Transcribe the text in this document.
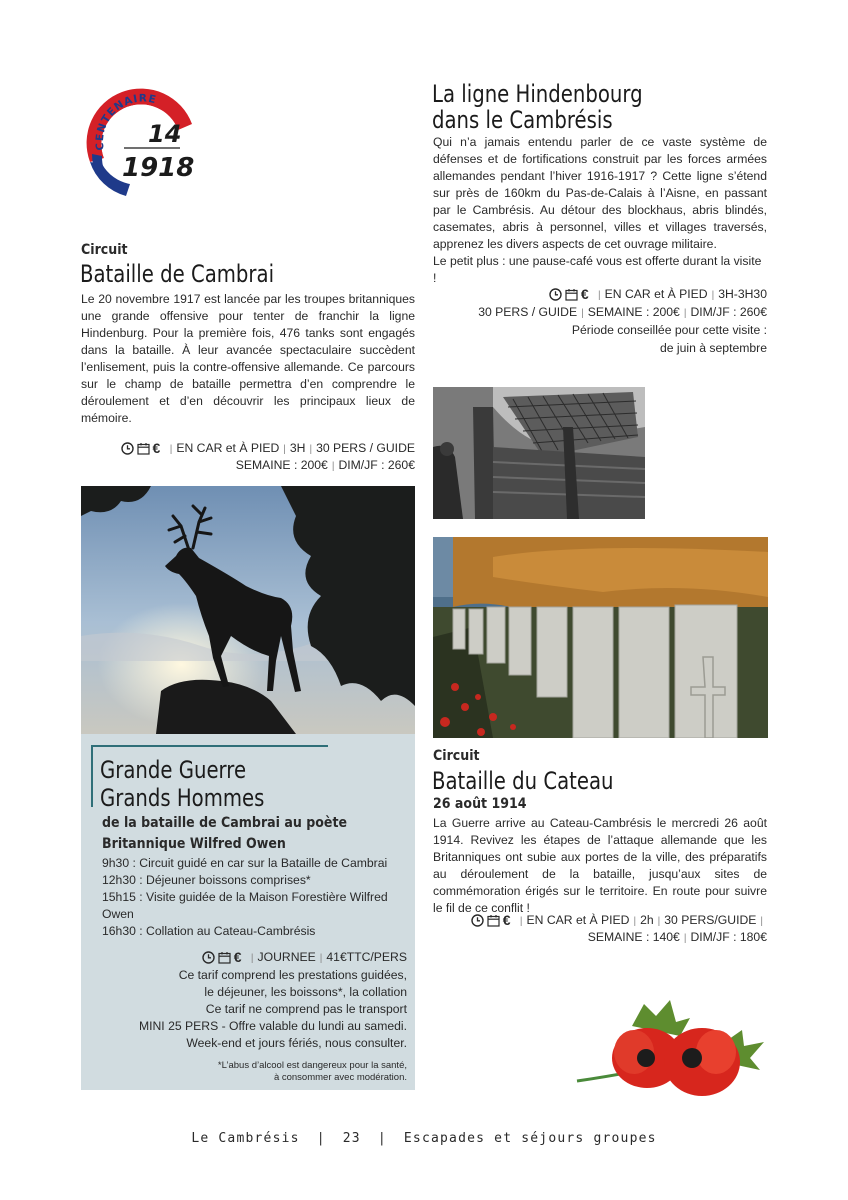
CENTENAIRE
14
1918
Circuit
Bataille de Cambrai
Le 20 novembre 1917 est lancée par les troupes britanniques une grande offensive pour tenter de franchir la ligne Hindenburg. Pour la première fois, 476 tanks sont engagés dans la bataille. À leur avancée spectaculaire succèdent l’enlisement, puis la contre-offensive allemande. Ce parcours sur le champ de bataille permettra d’en comprendre le déroulement et d’en découvrir les principaux lieux de mémoire.
€ | EN CAR et À PIED | 3H | 30 PERS / GUIDE
SEMAINE : 200€ | DIM/JF : 260€
La ligne Hindenbourg
dans le Cambrésis
Qui n’a jamais entendu parler de ce vaste système de défenses et de fortifications construit par les forces armées allemandes pendant l’hiver 1916-1917 ? Cette ligne s’étend sur près de 160km du Pas-de-Calais à l’Aisne, en passant par le Cambrésis. Au détour des blockhaus, abris blindés, casemates, abris à personnel, villes et villages traversés, apprenez les divers aspects de cet ouvrage militaire.
Le petit plus : une pause-café vous est offerte durant la visite !
€ | EN CAR et À PIED | 3H-3H30
30 PERS / GUIDE | SEMAINE : 200€ | DIM/JF : 260€
Période conseillée pour cette visite :
de juin à septembre
Grande Guerre
Grands Hommes
de la bataille de Cambrai au poète
Britannique Wilfred Owen
9h30 : Circuit guidé en car sur la Bataille de Cambrai
12h30 : Déjeuner boissons comprises*
15h15 : Visite guidée de la Maison Forestière Wilfred Owen
16h30 : Collation au Cateau-Cambrésis
€ | JOURNEE | 41€TTC/PERS
Ce tarif comprend les prestations guidées,
le déjeuner, les boissons*, la collation
Ce tarif ne comprend pas le transport
MINI 25 PERS - Offre valable du lundi au samedi.
Week-end et jours fériés, nous consulter.
*L’abus d’alcool est dangereux pour la santé,
à consommer avec modération.
Circuit
Bataille du Cateau
26 août 1914
La Guerre arrive au Cateau-Cambrésis le mercredi 26 août 1914. Revivez les étapes de l’attaque allemande que les Britanniques ont subie aux portes de la ville, des préparatifs au déroulement de la bataille, jusqu’aux sites de commémoration érigés sur le territoire. En route pour suivre le fil de ce conflit !
€ | EN CAR et À PIED | 2h | 30 PERS/GUIDE |
SEMAINE : 140€ | DIM/JF : 180€
Le Cambrésis | 23 | Escapades et séjours groupes
